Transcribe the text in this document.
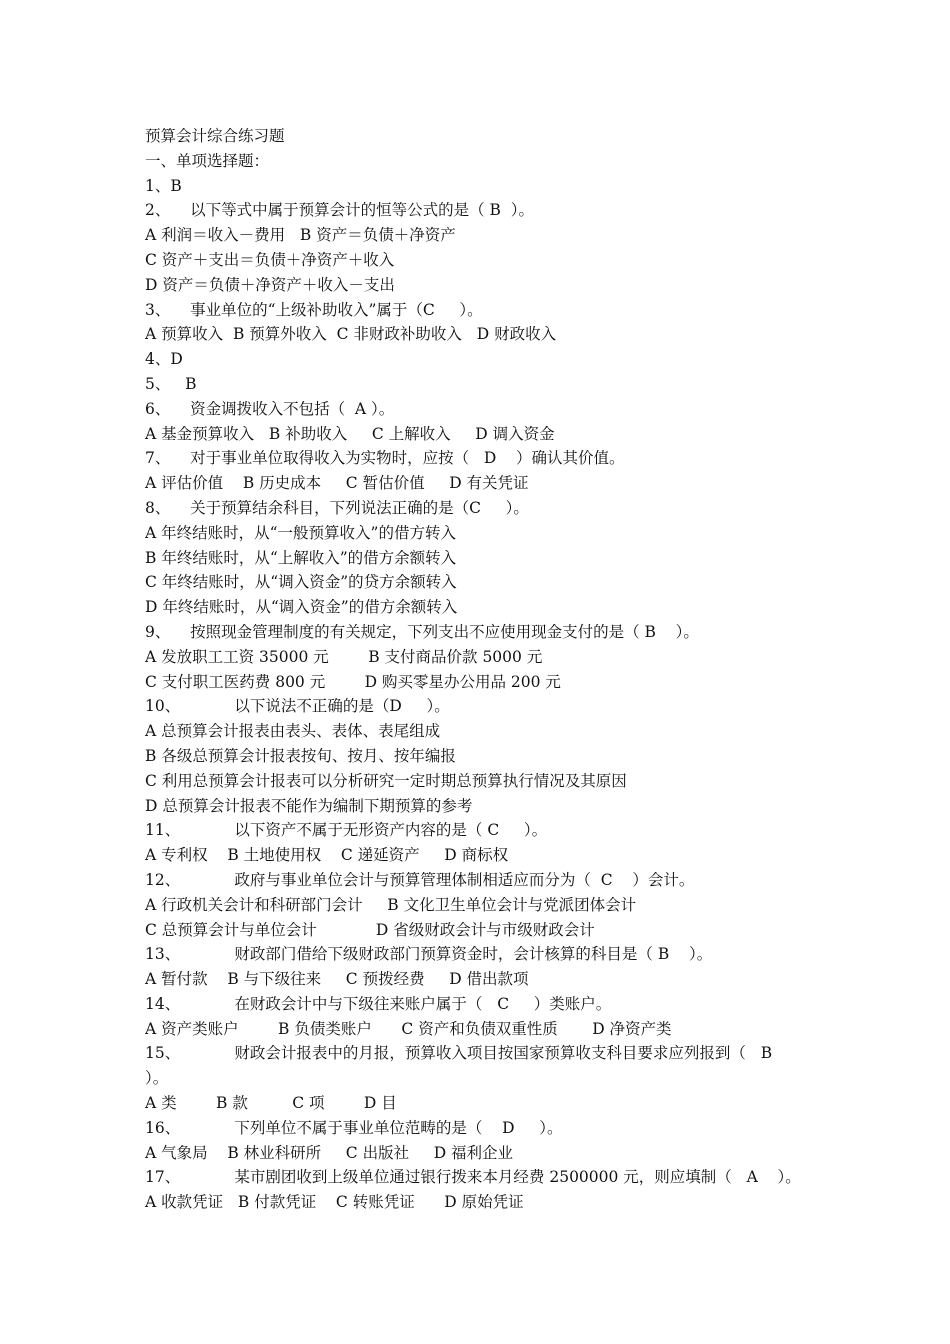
预算会计综合练习题
一、单项选择题：
1、B
2、    以下等式中属于预算会计的恒等公式的是（ B  ）。
A 利润＝收入－费用   B 资产＝负债＋净资产
C 资产＋支出＝负债＋净资产＋收入
D 资产＝负债＋净资产＋收入－支出
3、    事业单位的“上级补助收入”属于（C     ）。
A 预算收入  B 预算外收入  C 非财政补助收入   D 财政收入
4、D
5、   B
6、    资金调拨收入不包括（  A ）。
A 基金预算收入   B 补助收入     C 上解收入     D 调入资金
7、    对于事业单位取得收入为实物时，应按（   D    ）确认其价值。
A 评估价值    B 历史成本     C 暂估价值     D 有关凭证
8、    关于预算结余科目，下列说法正确的是（C     ）。
A 年终结账时，从“一般预算收入”的借方转入
B 年终结账时，从“上解收入”的借方余额转入
C 年终结账时，从“调入资金”的贷方余额转入
D 年终结账时，从“调入资金”的借方余额转入
9、    按照现金管理制度的有关规定，下列支出不应使用现金支付的是（ B    ）。
A 发放职工工资 35000 元        B 支付商品价款 5000 元
C 支付职工医药费 800 元        D 购买零星办公用品 200 元
10、           以下说法不正确的是（D     ）。
A 总预算会计报表由表头、表体、表尾组成
B 各级总预算会计报表按旬、按月、按年编报
C 利用总预算会计报表可以分析研究一定时期总预算执行情况及其原因
D 总预算会计报表不能作为编制下期预算的参考
11、           以下资产不属于无形资产内容的是（ C     ）。
A 专利权    B 土地使用权    C 递延资产     D 商标权
12、           政府与事业单位会计与预算管理体制相适应而分为（  C    ）会计。
A 行政机关会计和科研部门会计     B 文化卫生单位会计与党派团体会计
C 总预算会计与单位会计            D 省级财政会计与市级财政会计
13、           财政部门借给下级财政部门预算资金时，会计核算的科目是（ B    ）。
A 暂付款    B 与下级往来     C 预拨经费     D 借出款项
14、           在财政会计中与下级往来账户属于（   C     ）类账户。
A 资产类账户        B 负债类账户      C 资产和负债双重性质       D 净资产类
15、           财政会计报表中的月报，预算收入项目按国家预算收支科目要求应列报到（   B
）。
A 类        B 款         C 项        D 目
16、           下列单位不属于事业单位范畴的是（    D     ）。
A 气象局    B 林业科研所     C 出版社     D 福利企业
17、           某市剧团收到上级单位通过银行拨来本月经费 2500000 元，则应填制（   A    ）。
A 收款凭证   B 付款凭证    C 转账凭证      D 原始凭证
